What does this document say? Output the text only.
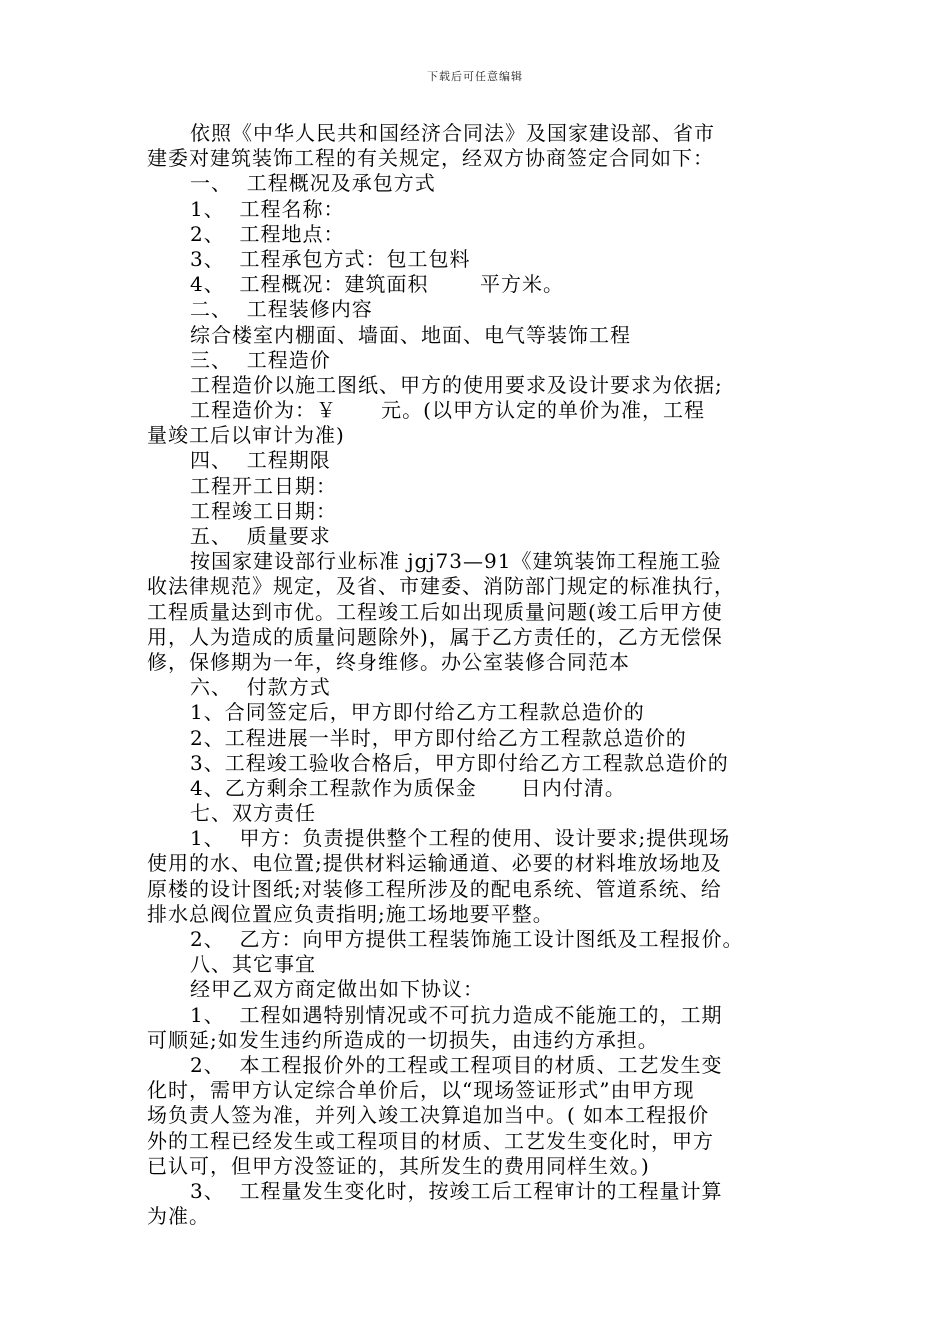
下载后可任意编辑
依照《中华人民共和国经济合同法》及国家建设部、省市
建委对建筑装饰工程的有关规定，经双方协商签定合同如下：
一、  工程概况及承包方式
1、  工程名称：
2、  工程地点：
3、  工程承包方式：包工包料
4、  工程概况：建筑面积       平方米。
二、  工程装修内容
综合楼室内棚面、墙面、地面、电气等装饰工程
三、  工程造价
工程造价以施工图纸、甲方的使用要求及设计要求为依据;
工程造价为：￥      元。(以甲方认定的单价为准，工程
量竣工后以审计为准)
四、  工程期限
工程开工日期：
工程竣工日期：
五、  质量要求
按国家建设部行业标准 jgj73—91《建筑装饰工程施工验
收法律规范》规定，及省、市建委、消防部门规定的标准执行，
工程质量达到市优。工程竣工后如出现质量问题(竣工后甲方使
用，人为造成的质量问题除外)，属于乙方责任的，乙方无偿保
修，保修期为一年，终身维修。办公室装修合同范本
六、  付款方式
1、合同签定后，甲方即付给乙方工程款总造价的
2、工程进展一半时，甲方即付给乙方工程款总造价的
3、工程竣工验收合格后，甲方即付给乙方工程款总造价的
4、乙方剩余工程款作为质保金      日内付清。
七、双方责任
1、  甲方：负责提供整个工程的使用、设计要求;提供现场
使用的水、电位置;提供材料运输通道、必要的材料堆放场地及
原楼的设计图纸;对装修工程所涉及的配电系统、管道系统、给
排水总阀位置应负责指明;施工场地要平整。
2、  乙方：向甲方提供工程装饰施工设计图纸及工程报价。
八、其它事宜
经甲乙双方商定做出如下协议：
1、  工程如遇特别情况或不可抗力造成不能施工的，工期
可顺延;如发生违约所造成的一切损失，由违约方承担。
2、  本工程报价外的工程或工程项目的材质、工艺发生变
化时，需甲方认定综合单价后，以“现场签证形式”由甲方现
场负责人签为准，并列入竣工决算追加当中。( 如本工程报价
外的工程已经发生或工程项目的材质、工艺发生变化时，甲方
已认可，但甲方没签证的，其所发生的费用同样生效。)
3、  工程量发生变化时，按竣工后工程审计的工程量计算
为准。
